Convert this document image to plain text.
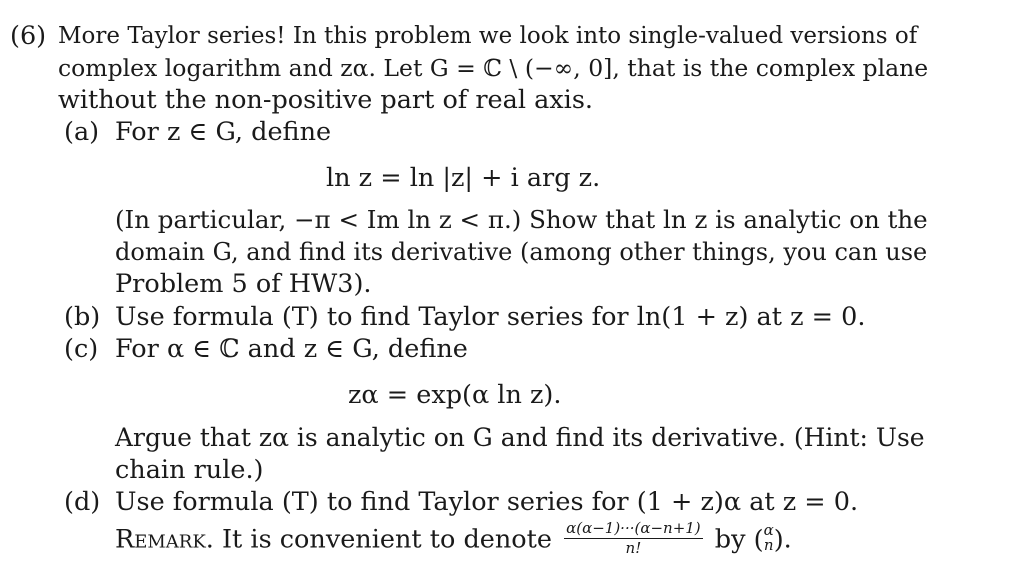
(6) More Taylor series! In this problem we look into single-valued versions of
complex logarithm and zα. Let G = ℂ \ (−∞, 0], that is the complex plane
without the non-positive part of real axis.
(a) For z ∈ G, define
ln z = ln |z| + i arg z.
(In particular, −π < Im ln z < π.) Show that ln z is analytic on the
domain G, and find its derivative (among other things, you can use
Problem 5 of HW3).
(b) Use formula (T) to find Taylor series for ln(1 + z) at z = 0.
(c) For α ∈ ℂ and z ∈ G, define
zα = exp(α ln z).
Argue that zα is analytic on G and find its derivative. (Hint: Use
chain rule.)
(d) Use formula (T) to find Taylor series for (1 + z)α at z = 0.
Remark. It is convenient to denote $\frac{\alpha(\alpha-1)\cdot\cdot\cdot(\alpha-n+1)}{n!}$ by ( α
n ).
